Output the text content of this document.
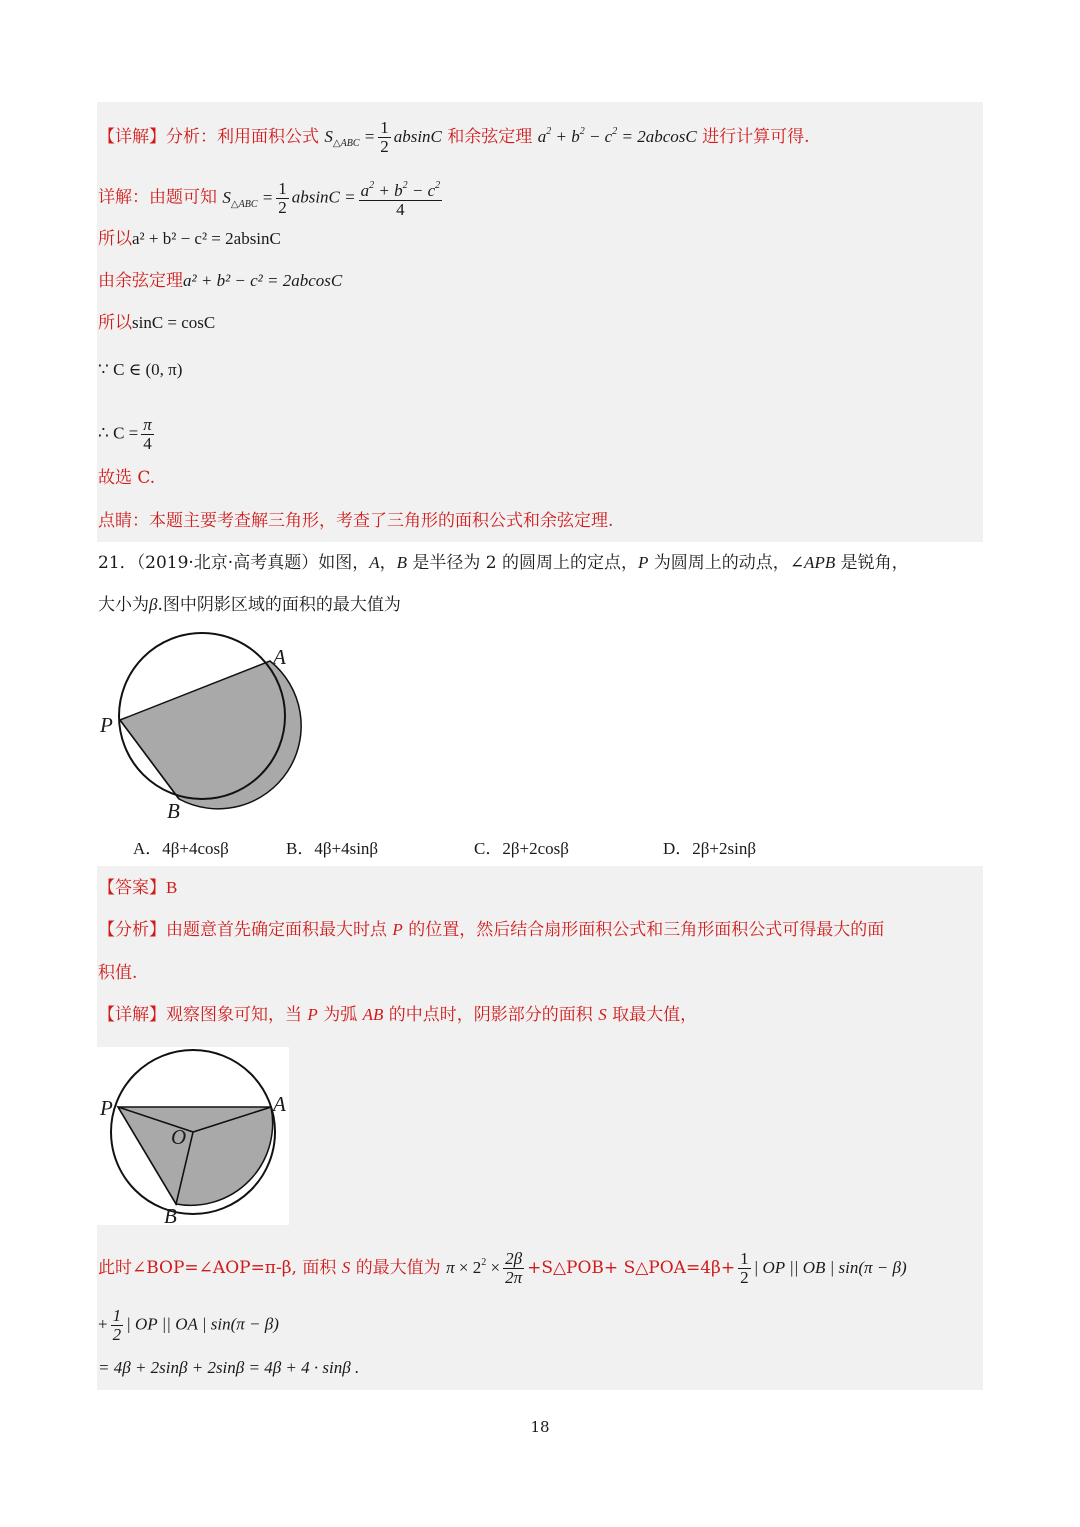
【详解】分析：利用面积公式 $S_{\triangle ABC} = \frac{1}{2}$ absinC 和余弦定理 $a^2 + b^2 - c^2 = 2abcosC$ 进行计算可得.
详解：由题可知 $S_{\triangle ABC} = \frac{1}{2}$ $absinC = \frac{a^2 + b^2 - c^2}{4}$
所以a² + b² − c² = 2absinC
由余弦定理a² + b² − c² = 2abcosC
所以sinC = cosC
∵ C ∈ (0, π)
∴ $C = \frac{\pi}{4}$
故选 C.
点睛：本题主要考查解三角形，考查了三角形的面积公式和余弦定理.
21．（2019·北京·高考真题）如图，A，B 是半径为 2 的圆周上的定点，P 为圆周上的动点，∠APB 是锐角，
大小为β.图中阴影区域的面积的最大值为
A
P
B
A．4β+4cosβ	B．4β+4sinβ	C．2β+2cosβ	D．2β+2sinβ
【答案】B
【分析】由题意首先确定面积最大时点 P 的位置，然后结合扇形面积公式和三角形面积公式可得最大的面
积值.
【详解】观察图象可知，当 P 为弧 AB 的中点时，阴影部分的面积 S 取最大值，
P	A
O
B
此时∠BOP=∠AOP=π-β, 面积 S 的最大值为 $\pi \times 2^2 \times \frac{2\beta}{2\pi}$ +S△POB+ S△POA=4β+ $\frac{1}{2}$ | OP || OB | sin(π − β)
+ $\frac{1}{2}$ | OP || OA | sin(π − β)
= 4β + 2sinβ + 2sinβ = 4β + 4 · sinβ .
18
